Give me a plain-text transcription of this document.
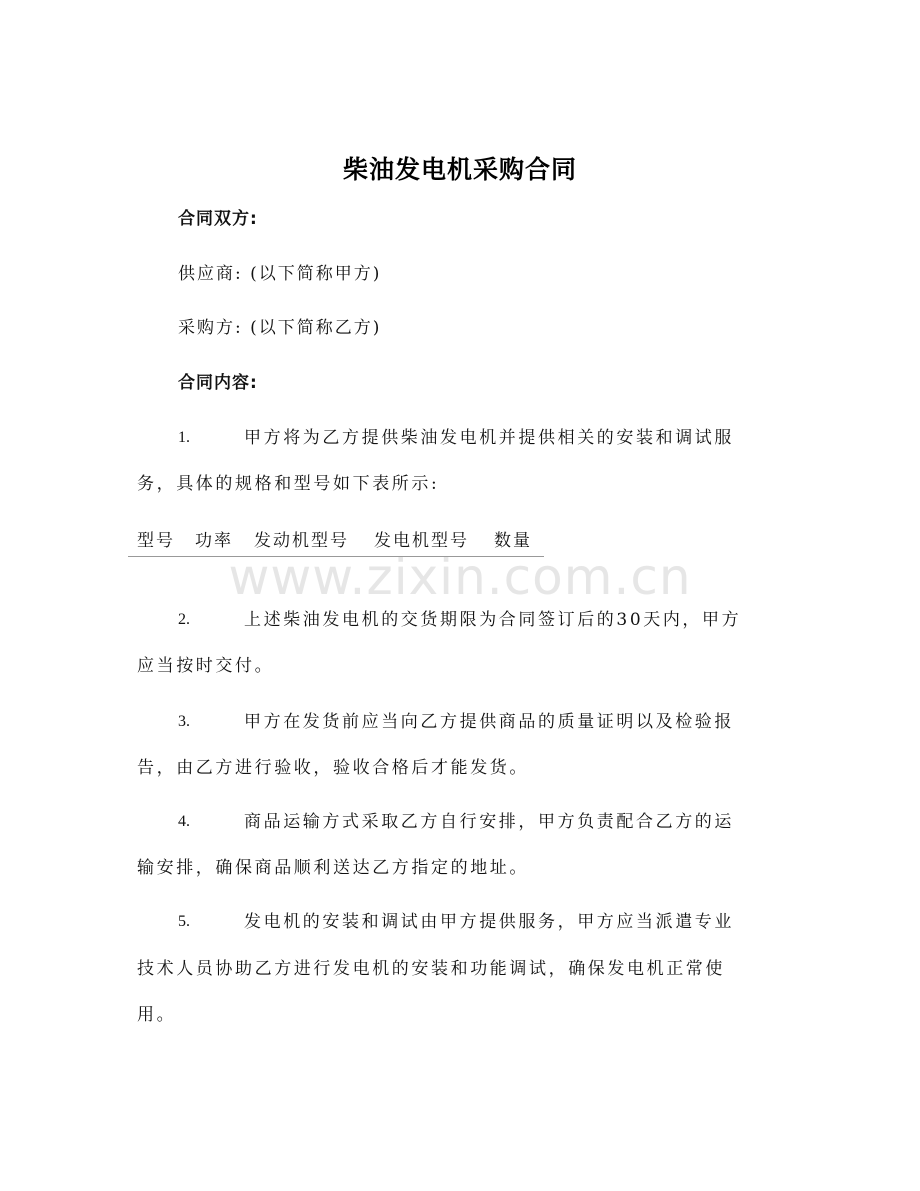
www.zixin.com.cn
柴油发电机采购合同
合同双方:
供应商: (以下简称甲方)
采购方: (以下简称乙方)
合同内容:
1.	甲方将为乙方提供柴油发电机并提供相关的安装和调试服
务，具体的规格和型号如下表所示:
型号 功率 发动机型号 发电机型号 数量
2.	上述柴油发电机的交货期限为合同签订后的30天内，甲方
应当按时交付。
3.	甲方在发货前应当向乙方提供商品的质量证明以及检验报
告，由乙方进行验收，验收合格后才能发货。
4.	商品运输方式采取乙方自行安排，甲方负责配合乙方的运
输安排，确保商品顺利送达乙方指定的地址。
5.	发电机的安装和调试由甲方提供服务，甲方应当派遣专业
技术人员协助乙方进行发电机的安装和功能调试，确保发电机正常使
用。
